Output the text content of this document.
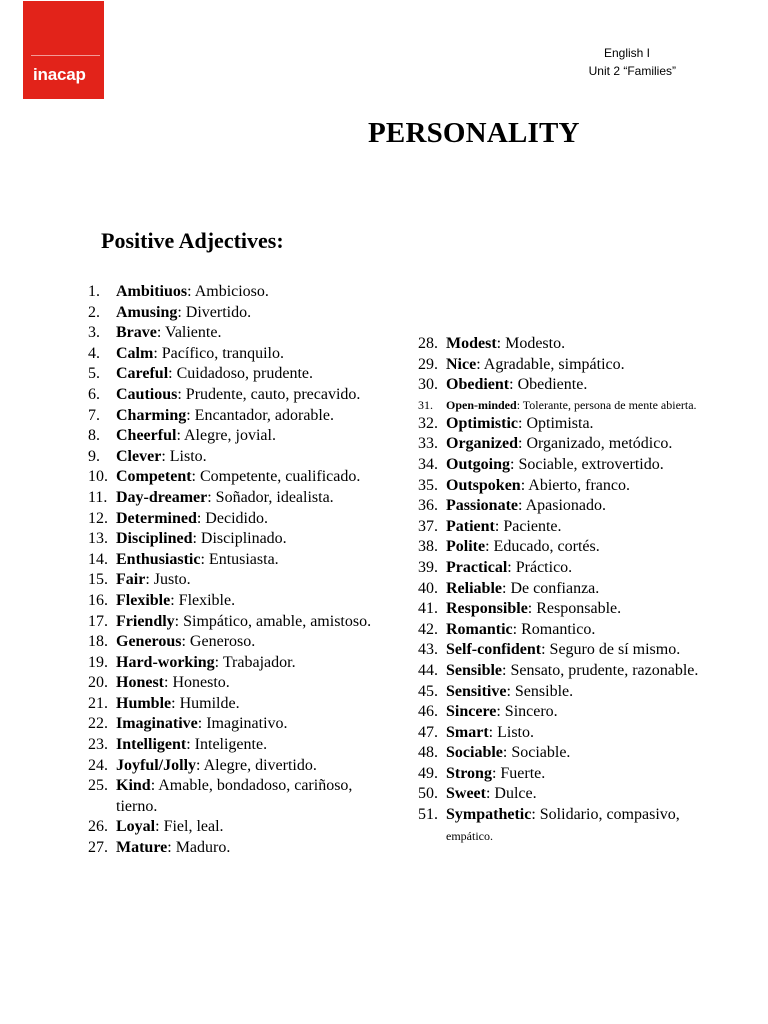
inacap
English I
Unit 2 “Families”
PERSONALITY
Positive Adjectives:
1. Ambitiuos: Ambicioso.
2. Amusing: Divertido.
3. Brave: Valiente.
4. Calm: Pacífico, tranquilo.
5. Careful: Cuidadoso, prudente.
6. Cautious: Prudente, cauto, precavido.
7. Charming: Encantador, adorable.
8. Cheerful: Alegre, jovial.
9. Clever: Listo.
10. Competent: Competente, cualificado.
11. Day-dreamer: Soñador, idealista.
12. Determined: Decidido.
13. Disciplined: Disciplinado.
14. Enthusiastic: Entusiasta.
15. Fair: Justo.
16. Flexible: Flexible.
17. Friendly: Simpático, amable, amistoso.
18. Generous: Generoso.
19. Hard-working: Trabajador.
20. Honest: Honesto.
21. Humble: Humilde.
22. Imaginative: Imaginativo.
23. Intelligent: Inteligente.
24. Joyful/Jolly: Alegre, divertido.
25. Kind: Amable, bondadoso, cariñoso, tierno.
26. Loyal: Fiel, leal.
27. Mature: Maduro.
28. Modest: Modesto.
29. Nice: Agradable, simpático.
30. Obedient: Obediente.
31. Open-minded: Tolerante, persona de mente abierta.
32. Optimistic: Optimista.
33. Organized: Organizado, metódico.
34. Outgoing: Sociable, extrovertido.
35. Outspoken: Abierto, franco.
36. Passionate: Apasionado.
37. Patient: Paciente.
38. Polite: Educado, cortés.
39. Practical: Práctico.
40. Reliable: De confianza.
41. Responsible: Responsable.
42. Romantic: Romantico.
43. Self-confident: Seguro de sí mismo.
44. Sensible: Sensato, prudente, razonable.
45. Sensitive: Sensible.
46. Sincere: Sincero.
47. Smart: Listo.
48. Sociable: Sociable.
49. Strong: Fuerte.
50. Sweet: Dulce.
51. Sympathetic: Solidario, compasivo, empático.
